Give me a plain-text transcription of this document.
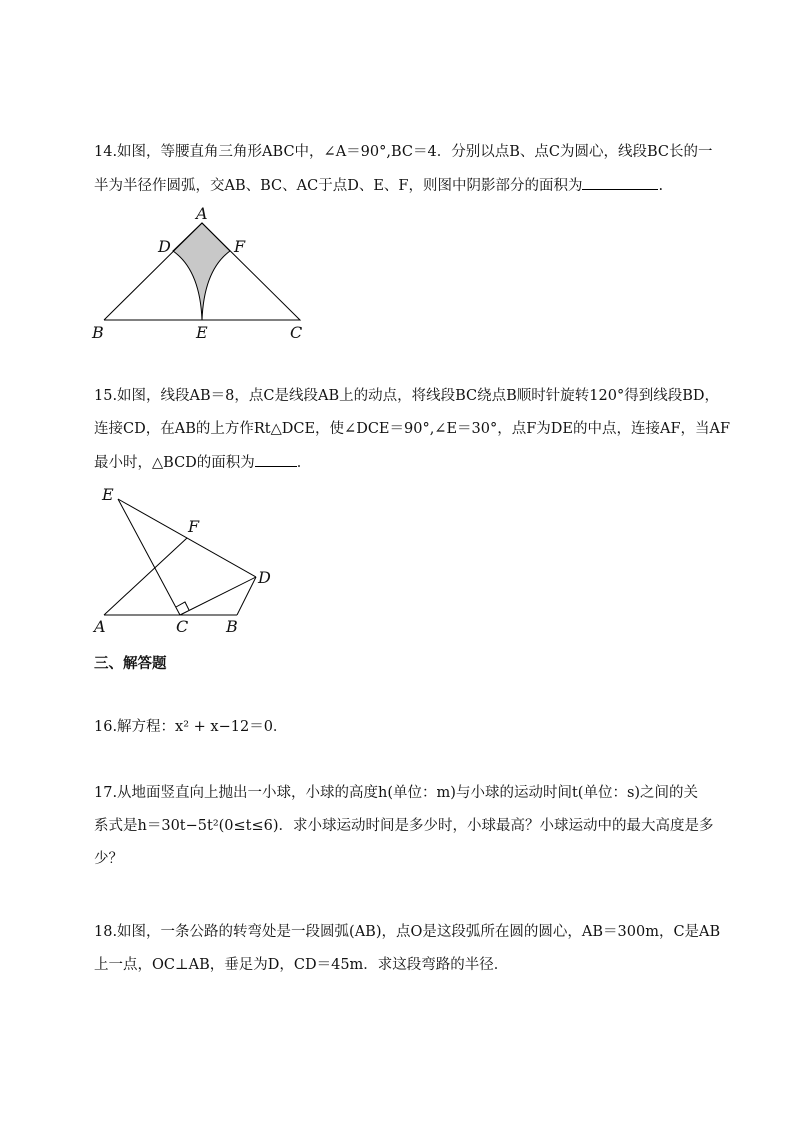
14.如图，等腰直角三角形ABC中，∠A＝90°,BC＝4．分别以点B、点C为圆心，线段BC长的一
半为半径作圆弧，交AB、BC、AC于点D、E、F，则图中阴影部分的面积为	.
A
D	F
B	E	C
15.如图，线段AB＝8，点C是线段AB上的动点，将线段BC绕点B顺时针旋转120°得到线段BD，
连接CD，在AB的上方作Rt△DCE，使∠DCE＝90°,∠E＝30°，点F为DE的中点，连接AF，当AF
最小时，△BCD的面积为	．
E
F
D
A	C B
三、解答题
16.解方程：x² + x−12＝0．
17.从地面竖直向上抛出一小球，小球的高度h(单位：m)与小球的运动时间t(单位：s)之间的关
系式是h＝30t−5t²(0≤t≤6)．求小球运动时间是多少时，小球最高？小球运动中的最大高度是多
少？
18.如图，一条公路的转弯处是一段圆弧(AB)，点O是这段弧所在圆的圆心，AB＝300m，C是AB
上一点，OC⊥AB，垂足为D，CD＝45m．求这段弯路的半径．
